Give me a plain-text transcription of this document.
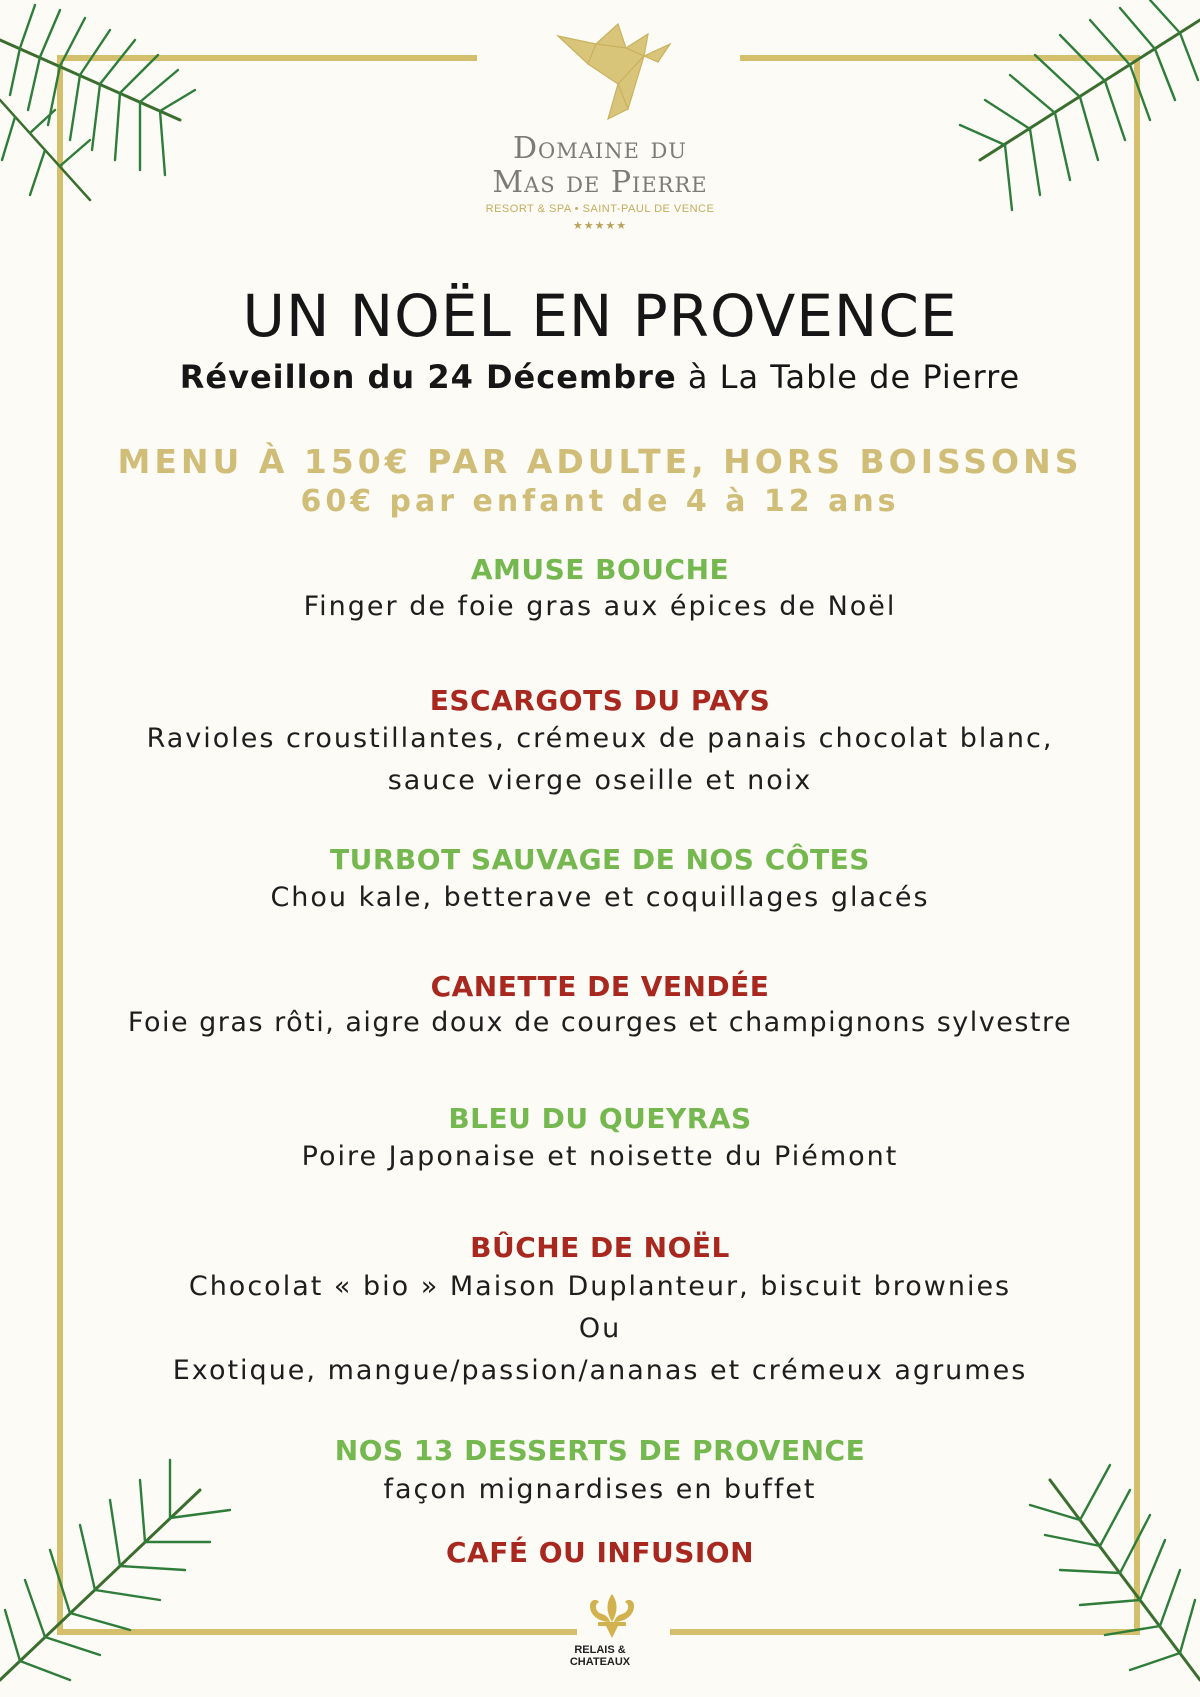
Domaine du
Mas de Pierre
RESORT & SPA • SAINT-PAUL DE VENCE
★★★★★
UN NOËL EN PROVENCE
Réveillon du 24 Décembre à La Table de Pierre
MENU À 150€ PAR ADULTE, HORS BOISSONS
60€ par enfant de 4 à 12 ans
AMUSE BOUCHE
Finger de foie gras aux épices de Noël
ESCARGOTS DU PAYS
Ravioles croustillantes, crémeux de panais chocolat blanc,
sauce vierge oseille et noix
TURBOT SAUVAGE DE NOS CÔTES
Chou kale, betterave et coquillages glacés
CANETTE DE VENDÉE
Foie gras rôti, aigre doux de courges et champignons sylvestre
BLEU DU QUEYRAS
Poire Japonaise et noisette du Piémont
BÛCHE DE NOËL
Chocolat « bio » Maison Duplanteur, biscuit brownies
Ou
Exotique, mangue/passion/ananas et crémeux agrumes
NOS 13 DESSERTS DE PROVENCE
façon mignardises en buffet
CAFÉ OU INFUSION
RELAIS &
CHATEAUX
